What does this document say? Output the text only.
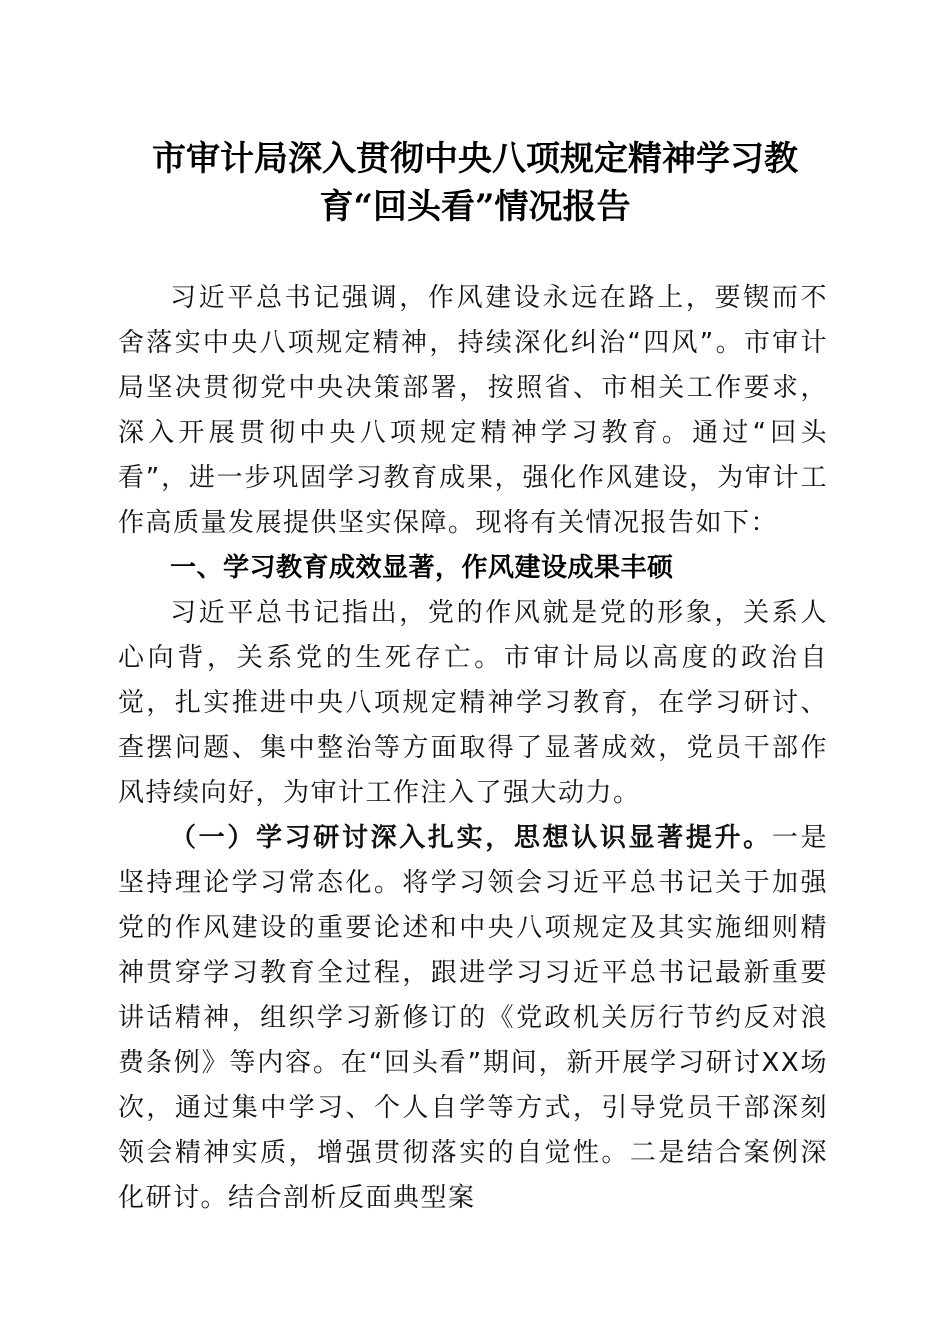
市审计局深入贯彻中央八项规定精神学习教
育“回头看”情况报告

习近平总书记强调，作风建设永远在路上，要锲而不舍落实中央八项规定精神，持续深化纠治“四风”。市审计局坚决贯彻党中央决策部署，按照省、市相关工作要求，深入开展贯彻中央八项规定精神学习教育。通过“回头看”，进一步巩固学习教育成果，强化作风建设，为审计工作高质量发展提供坚实保障。现将有关情况报告如下：

一、学习教育成效显著，作风建设成果丰硕

习近平总书记指出，党的作风就是党的形象，关系人心向背，关系党的生死存亡。市审计局以高度的政治自觉，扎实推进中央八项规定精神学习教育，在学习研讨、查摆问题、集中整治等方面取得了显著成效，党员干部作风持续向好，为审计工作注入了强大动力。

（一）学习研讨深入扎实，思想认识显著提升。一是坚持理论学习常态化。将学习领会习近平总书记关于加强党的作风建设的重要论述和中央八项规定及其实施细则精神贯穿学习教育全过程，跟进学习习近平总书记最新重要讲话精神，组织学习新修订的《党政机关厉行节约反对浪费条例》等内容。在“回头看”期间，新开展学习研讨XX场次，通过集中学习、个人自学等方式，引导党员干部深刻领会精神实质，增强贯彻落实的自觉性。二是结合案例深化研讨。结合剖析反面典型案
